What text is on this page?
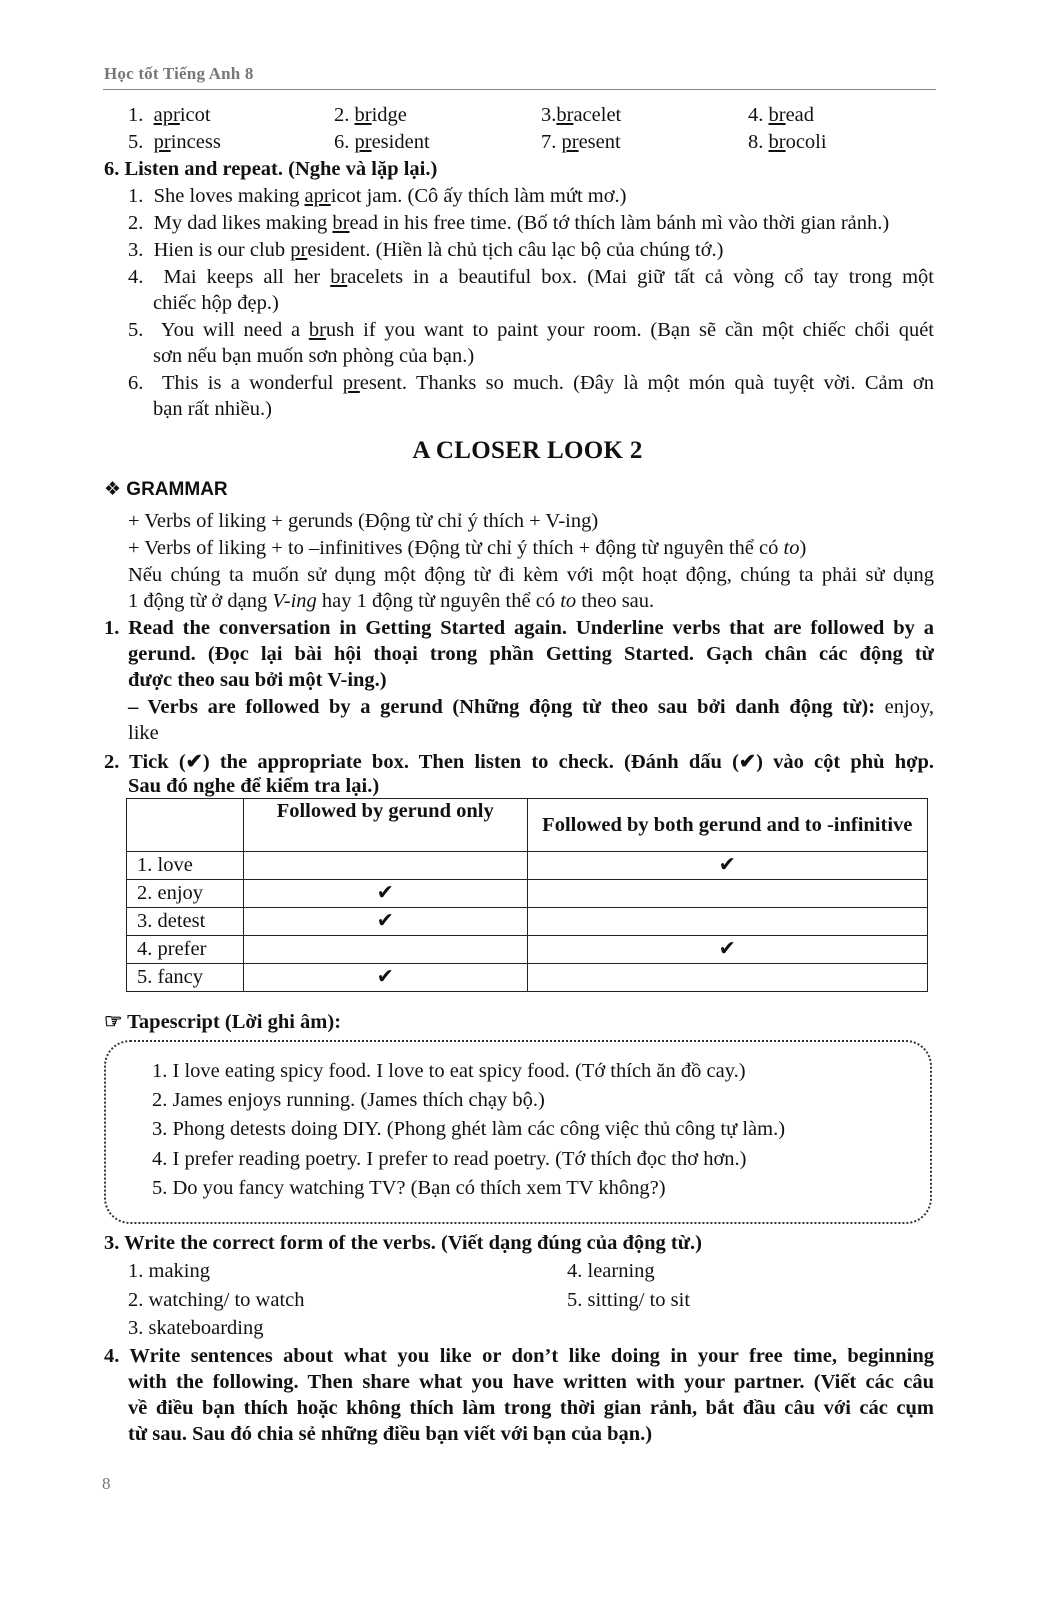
Học tốt Tiếng Anh 8
1. apricot	2. bridge	3.bracelet	4. bread
5. princess	6. president	7. present	8. brocoli
6. Listen and repeat. (Nghe và lặp lại.)
1. She loves making apricot jam. (Cô ấy thích làm mứt mơ.)
2. My dad likes making bread in his free time. (Bố tớ thích làm bánh mì vào thời gian rảnh.)
3. Hien is our club president. (Hiền là chủ tịch câu lạc bộ của chúng tớ.)
4. Mai keeps all her bracelets in a beautiful box. (Mai giữ tất cả vòng cổ tay trong một
chiếc hộp đẹp.)
5. You will need a brush if you want to paint your room. (Bạn sẽ cần một chiếc chổi quét
sơn nếu bạn muốn sơn phòng của bạn.)
6. This is a wonderful present. Thanks so much. (Đây là một món quà tuyệt vời. Cảm ơn
bạn rất nhiều.)
A CLOSER LOOK 2
❖ GRAMMAR
+ Verbs of liking + gerunds (Động từ chỉ ý thích + V-ing)
+ Verbs of liking + to –infinitives (Động từ chỉ ý thích + động từ nguyên thể có to)
Nếu chúng ta muốn sử dụng một động từ đi kèm với một hoạt động, chúng ta phải sử dụng
1 động từ ở dạng V-ing hay 1 động từ nguyên thể có to theo sau.
1. Read the conversation in Getting Started again. Underline verbs that are followed by a
gerund. (Đọc lại bài hội thoại trong phần Getting Started. Gạch chân các động từ
được theo sau bởi một V-ing.)
– Verbs are followed by a gerund (Những động từ theo sau bởi danh động từ): enjoy,
like
2. Tick (✔) the appropriate box. Then listen to check. (Đánh dấu (✔) vào cột phù hợp.
Sau đó nghe để kiểm tra lại.)
	Followed by gerund only	Followed by both gerund and to -infinitive
1. love		✔
2. enjoy	✔	
3. detest	✔	
4. prefer		✔
5. fancy	✔	
☞ Tapescript (Lời ghi âm):
1. I love eating spicy food. I love to eat spicy food. (Tớ thích ăn đồ cay.)
2. James enjoys running. (James thích chạy bộ.)
3. Phong detests doing DIY. (Phong ghét làm các công việc thủ công tự làm.)
4. I prefer reading poetry. I prefer to read poetry. (Tớ thích đọc thơ hơn.)
5. Do you fancy watching TV? (Bạn có thích xem TV không?)
3. Write the correct form of the verbs. (Viết dạng đúng của động từ.)
1. making
2. watching/ to watch
3. skateboarding
4. learning
5. sitting/ to sit
4. Write sentences about what you like or don’t like doing in your free time, beginning
with the following. Then share what you have written with your partner. (Viết các câu
về điều bạn thích hoặc không thích làm trong thời gian rảnh, bắt đầu câu với các cụm
từ sau. Sau đó chia sẻ những điều bạn viết với bạn của bạn.)
8
